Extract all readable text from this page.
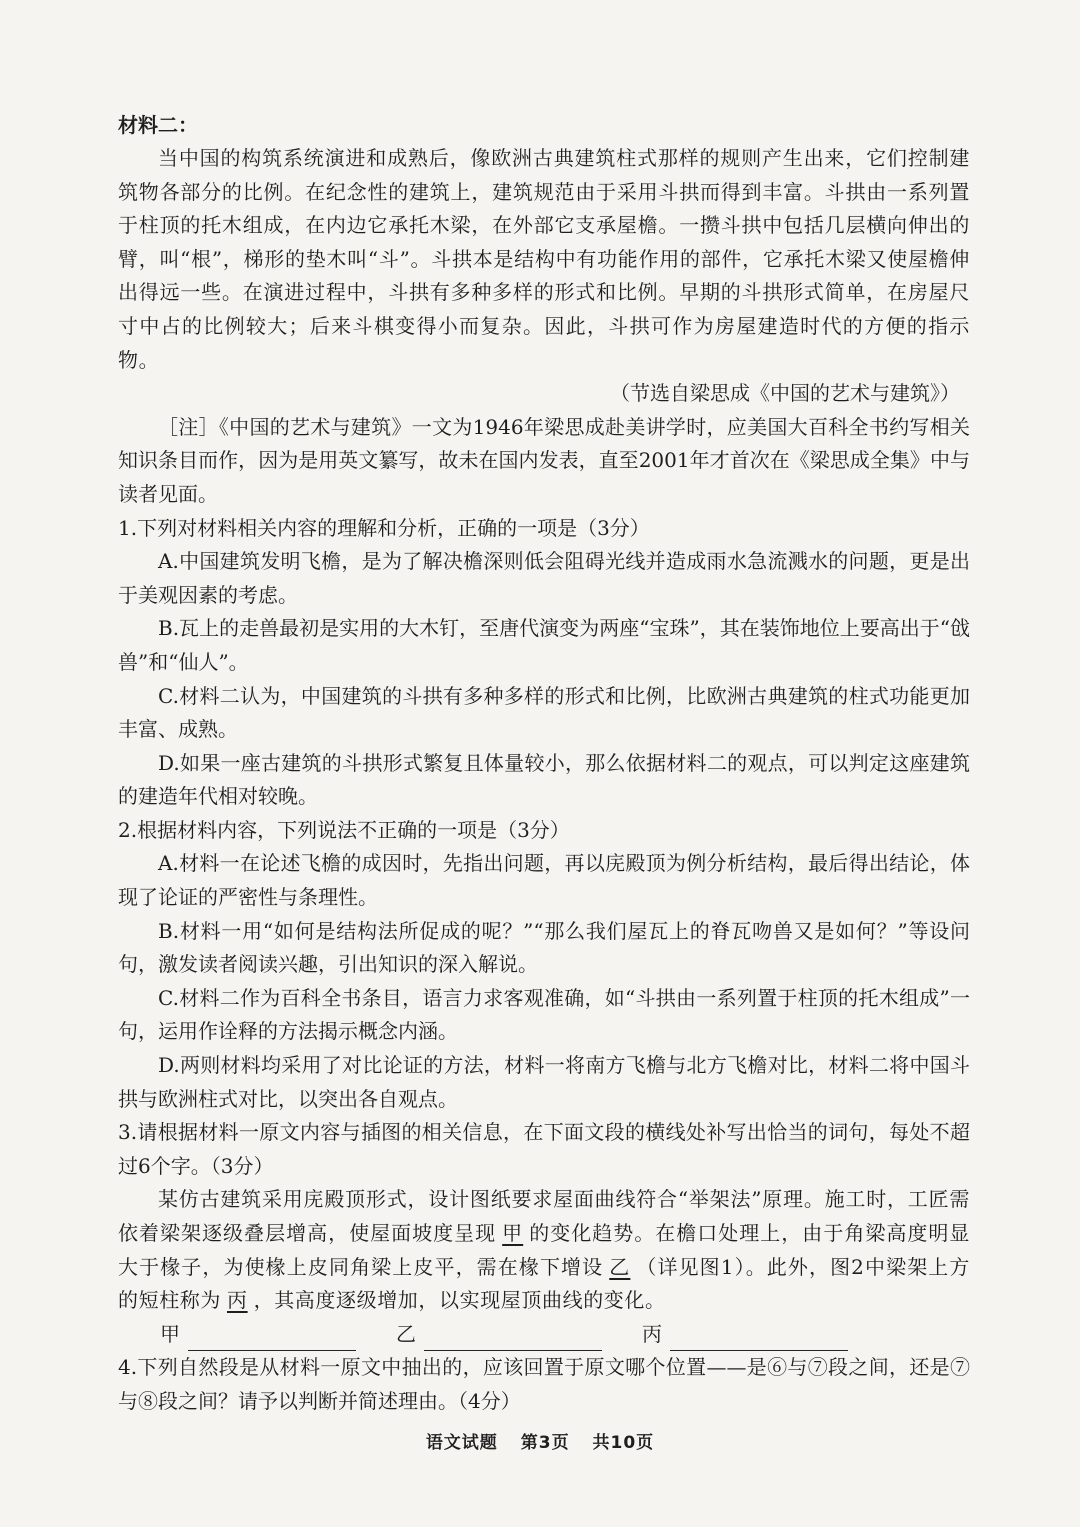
材料二：

当中国的构筑系统演进和成熟后，像欧洲古典建筑柱式那样的规则产生出来，它们控制建筑物各部分的比例。在纪念性的建筑上，建筑规范由于采用斗拱而得到丰富。斗拱由一系列置于柱顶的托木组成，在内边它承托木梁，在外部它支承屋檐。一攒斗拱中包括几层横向伸出的臂，叫“根”，梯形的垫木叫“斗”。斗拱本是结构中有功能作用的部件，它承托木梁又使屋檐伸出得远一些。在演进过程中，斗拱有多种多样的形式和比例。早期的斗拱形式简单，在房屋尺寸中占的比例较大；后来斗棋变得小而复杂。因此，斗拱可作为房屋建造时代的方便的指示物。

（节选自梁思成《中国的艺术与建筑》）

［注］《中国的艺术与建筑》一文为1946年梁思成赴美讲学时，应美国大百科全书约写相关知识条目而作，因为是用英文纂写，故未在国内发表，直至2001年才首次在《梁思成全集》中与读者见面。

1.下列对材料相关内容的理解和分析，正确的一项是（3分）

A.中国建筑发明飞檐，是为了解决檐深则低会阻碍光线并造成雨水急流溅水的问题，更是出于美观因素的考虑。

B.瓦上的走兽最初是实用的大木钉，至唐代演变为两座“宝珠”，其在装饰地位上要高出于“戗兽”和“仙人”。

C.材料二认为，中国建筑的斗拱有多种多样的形式和比例，比欧洲古典建筑的柱式功能更加丰富、成熟。

D.如果一座古建筑的斗拱形式繁复且体量较小，那么依据材料二的观点，可以判定这座建筑的建造年代相对较晚。

2.根据材料内容，下列说法不正确的一项是（3分）

A.材料一在论述飞檐的成因时，先指出问题，再以庑殿顶为例分析结构，最后得出结论，体现了论证的严密性与条理性。

B.材料一用“如何是结构法所促成的呢？”“那么我们屋瓦上的脊瓦吻兽又是如何？”等设问句，激发读者阅读兴趣，引出知识的深入解说。

C.材料二作为百科全书条目，语言力求客观准确，如“斗拱由一系列置于柱顶的托木组成”一句，运用作诠释的方法揭示概念内涵。

D.两则材料均采用了对比论证的方法，材料一将南方飞檐与北方飞檐对比，材料二将中国斗拱与欧洲柱式对比，以突出各自观点。

3.请根据材料一原文内容与插图的相关信息，在下面文段的横线处补写出恰当的词句，每处不超过6个字。（3分）

某仿古建筑采用庑殿顶形式，设计图纸要求屋面曲线符合“举架法”原理。施工时，工匠需依着梁架逐级叠层增高，使屋面坡度呈现 甲 的变化趋势。在檐口处理上，由于角梁高度明显大于椽子，为使椽上皮同角梁上皮平，需在椽下增设 乙 （详见图1）。此外，图2中梁架上方的短柱称为 丙 ，其高度逐级增加，以实现屋顶曲线的变化。

甲	乙	丙

4.下列自然段是从材料一原文中抽出的，应该回置于原文哪个位置——是⑥与⑦段之间，还是⑦与⑧段之间？请予以判断并简述理由。（4分）

语文试题 第3页 共10页
